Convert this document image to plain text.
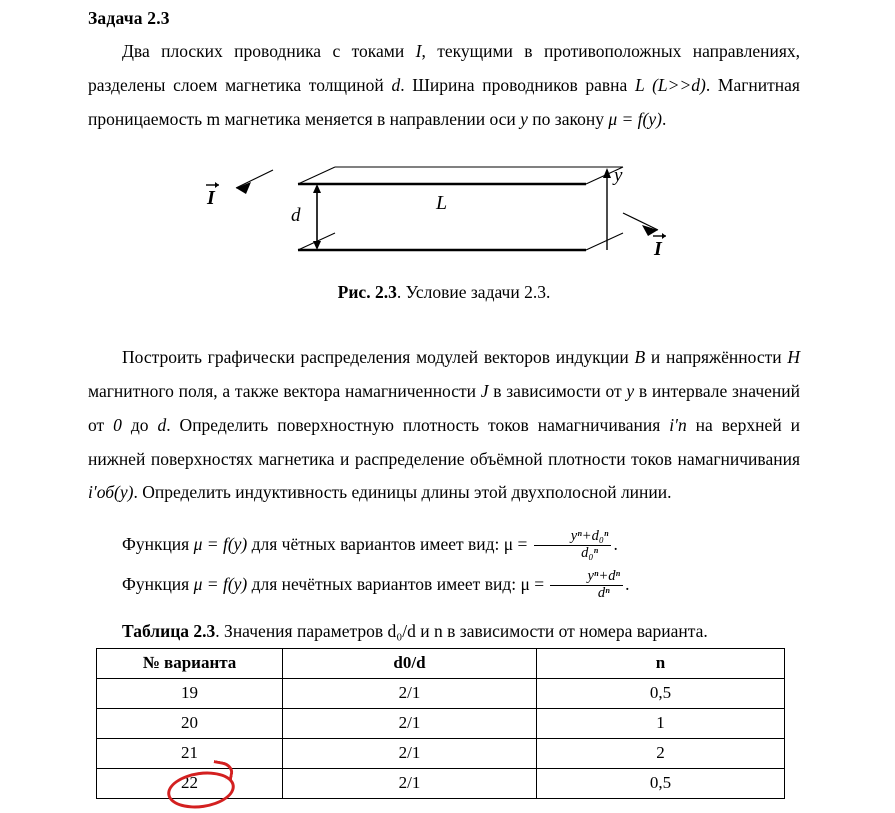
Задача 2.3

Два плоских проводника с токами I, текущими в противоположных направлениях, разделены слоем магнетика толщиной d. Ширина проводников равна L (L>>d). Магнитная проницаемость m магнетика меняется в направлении оси y по закону μ = f(y).

I
I
L
d
y
Рис. 2.3. Условие задачи 2.3.

Построить графически распределения модулей векторов индукции B и напряжённости H магнитного поля, а также вектора намагниченности J в зависимости от y в интервале значений от 0 до d. Определить поверхностную плотность токов намагничивания i′п на верхней и нижней поверхностях магнетика и распределение объёмной плотности токов намагничивания i′об(y). Определить индуктивность единицы длины этой двухполосной линии.

Функция μ = f(y) для чётных вариантов имеет вид: $\mu = \frac{\text{yⁿ+d₀ⁿ}}{\text{d₀ⁿ}}$ .

Функция μ = f(y) для нечётных вариантов имеет вид: $\mu = \frac{\text{yⁿ+dⁿ}}{\text{dⁿ}}$ .

Таблица 2.3. Значения параметров d₀/d и n в зависимости от номера варианта.
№ варианта	d0/d	n
19	2/1	0,5
20	2/1	1
21	2/1	2
22	2/1	0,5
